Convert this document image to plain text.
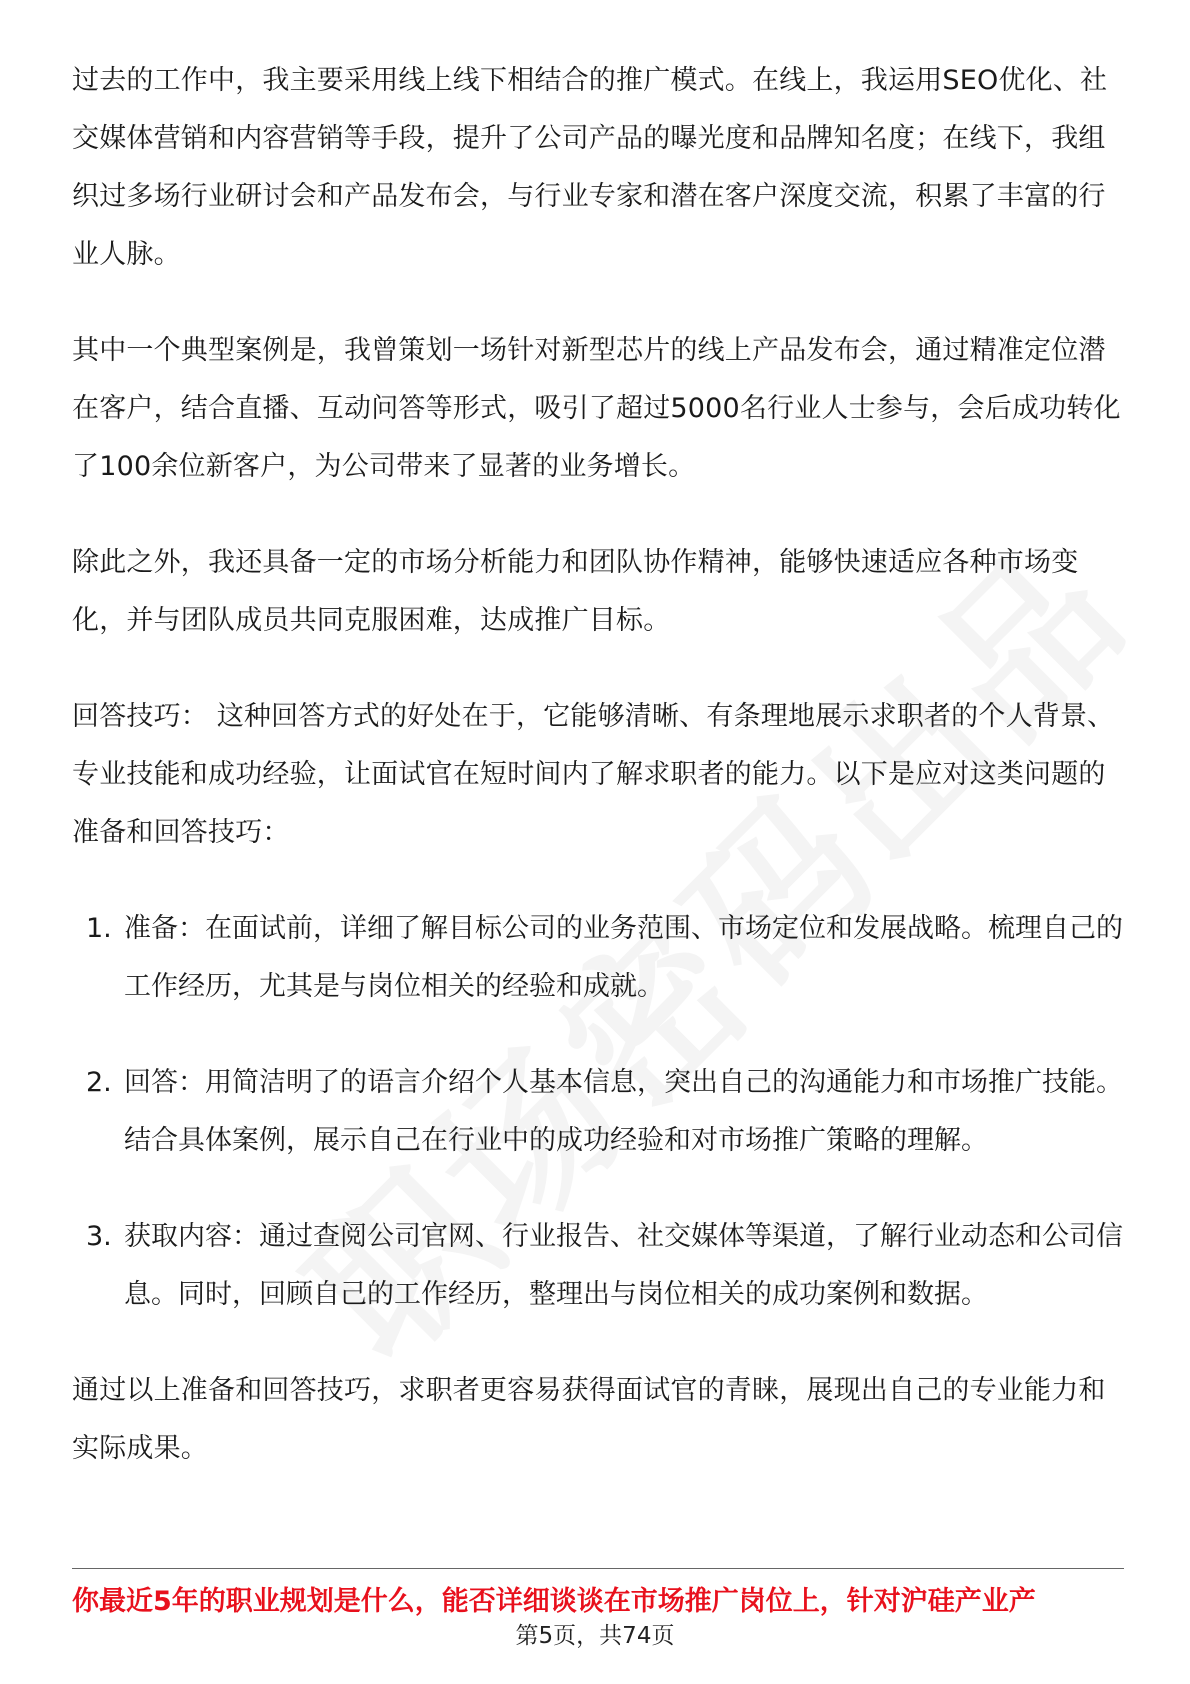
过去的工作中，我主要采用线上线下相结合的推广模式。在线上，我运用SEO优化、社交媒体营销和内容营销等手段，提升了公司产品的曝光度和品牌知名度；在线下，我组织过多场行业研讨会和产品发布会，与行业专家和潜在客户深度交流，积累了丰富的行业人脉。

其中一个典型案例是，我曾策划一场针对新型芯片的线上产品发布会，通过精准定位潜在客户，结合直播、互动问答等形式，吸引了超过5000名行业人士参与，会后成功转化了100余位新客户，为公司带来了显著的业务增长。

除此之外，我还具备一定的市场分析能力和团队协作精神，能够快速适应各种市场变化，并与团队成员共同克服困难，达成推广目标。

回答技巧： 这种回答方式的好处在于，它能够清晰、有条理地展示求职者的个人背景、专业技能和成功经验，让面试官在短时间内了解求职者的能力。以下是应对这类问题的准备和回答技巧：

1. 准备：在面试前，详细了解目标公司的业务范围、市场定位和发展战略。梳理自己的工作经历，尤其是与岗位相关的经验和成就。
2. 回答：用简洁明了的语言介绍个人基本信息，突出自己的沟通能力和市场推广技能。结合具体案例，展示自己在行业中的成功经验和对市场推广策略的理解。
3. 获取内容：通过查阅公司官网、行业报告、社交媒体等渠道，了解行业动态和公司信息。同时，回顾自己的工作经历，整理出与岗位相关的成功案例和数据。

通过以上准备和回答技巧，求职者更容易获得面试官的青睐，展现出自己的专业能力和实际成果。

你最近5年的职业规划是什么，能否详细谈谈在市场推广岗位上，针对沪硅产业产
第5页，共74页
